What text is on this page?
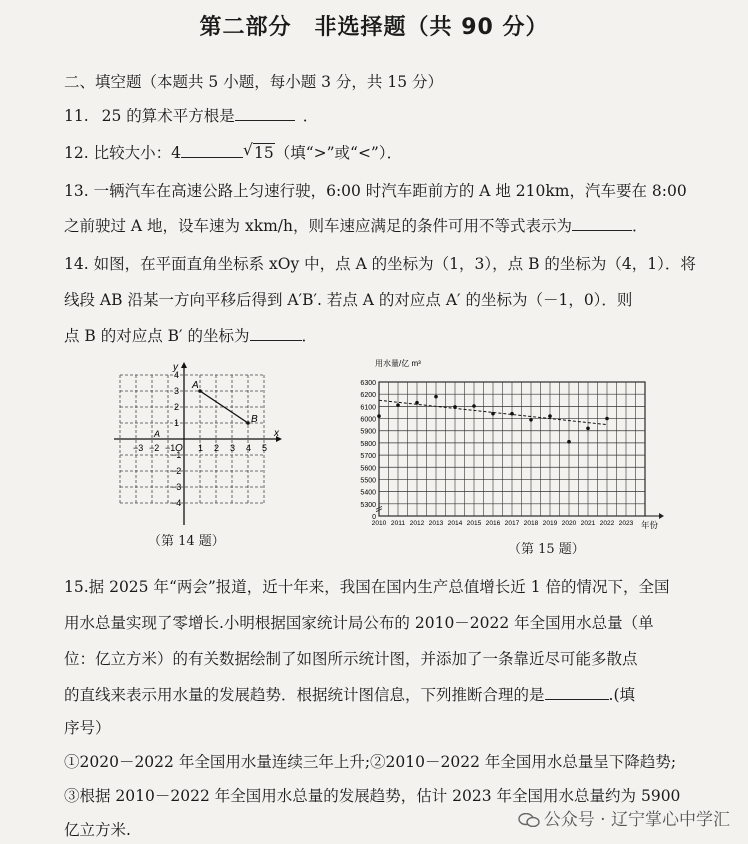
第二部分　非选择题（共 90 分）
二、填空题（本题共 5 小题，每小题 3 分，共 15 分）
11. 25 的算术平方根是	．
12. 比较大小：4	√ 15（填“>”或“<”）．
13. 一辆汽车在高速公路上匀速行驶，6:00 时汽车距前方的 A 地 210km，汽车要在 8:00
之前驶过 A 地，设车速为 xkm/h，则车速应满足的条件可用不等式表示为	．
14. 如图，在平面直角坐标系 xOy 中，点 A 的坐标为（1，3），点 B 的坐标为（4，1）．将
线段 AB 沿某一方向平移后得到 A′B′. 若点 A 的对应点 A′ 的坐标为（－1，0）．则
点 B 的对应点 B′ 的坐标为	．
x
y
O
−3 −2 −1	1 2 3 4 5
4
3
2
1
−1
−2
−3
−4
A
B
A
（第 14 题）
用水量/亿 m³
年份
6300
6200
6100
6000
5900
5800
5700
5600
5500
5400
5300
0
2010 2011 2012 2013 2014 2015 2016 2017 2018 2019 2020 2021 2022 2023
（第 15 题）
15.据 2025 年“两会”报道，近十年来，我国在国内生产总值增长近 1 倍的情况下，全国
用水总量实现了零增长.小明根据国家统计局公布的 2010－2022 年全国用水总量（单
位：亿立方米）的有关数据绘制了如图所示统计图，并添加了一条靠近尽可能多散点
的直线来表示用水量的发展趋势．根据统计图信息，下列推断合理的是	.(填
序号）
①2020－2022 年全国用水量连续三年上升;②2010－2022 年全国用水总量呈下降趋势;
③根据 2010－2022 年全国用水总量的发展趋势，估计 2023 年全国用水总量约为 5900
亿立方米.	公众号 · 辽宁掌心中学汇
